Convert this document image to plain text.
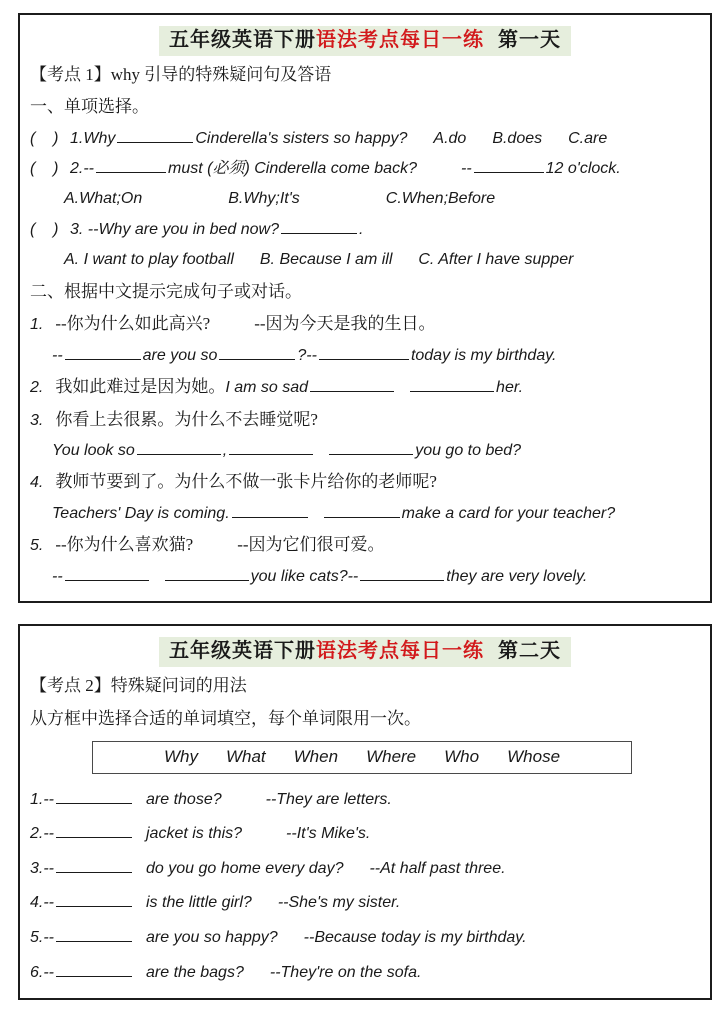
五年级英语下册语法考点每日一练 第一天
【考点 1】why 引导的特殊疑问句及答语
一、单项选择。
(    ) 1.Why	Cinderella's sisters so happy? A.do B.does C.are
(    ) 2.--	must (必须) Cinderella come back?	--	12 o'clock.
A.What;On	B.Why;It's	C.When;Before
(    ) 3. --Why are you in bed now?	.
A. I want to play football B. Because I am ill C. After I have supper
二、根据中文提示完成句子或对话。
1. --你为什么如此高兴?	--因为今天是我的生日。
--	are you so	?--	today is my birthday.
2. 我如此难过是因为她。I am so sad	her.
3. 你看上去很累。为什么不去睡觉呢?
You look so	,	you go to bed?
4. 教师节要到了。为什么不做一张卡片给你的老师呢?
Teachers' Day is coming.	make a card for your teacher?
5. --你为什么喜欢猫?	--因为它们很可爱。
--	you like cats?--	they are very lovely.
五年级英语下册语法考点每日一练 第二天
【考点 2】特殊疑问词的用法
从方框中选择合适的单词填空，每个单词限用一次。
Why What When Where Who Whose
1.--	are those?	--They are letters.
2.--	jacket is this?	--It's Mike's.
3.--	do you go home every day? --At half past three.
4.--	is the little girl? --She's my sister.
5.--	are you so happy? --Because today is my birthday.
6.--	are the bags? --They're on the sofa.
